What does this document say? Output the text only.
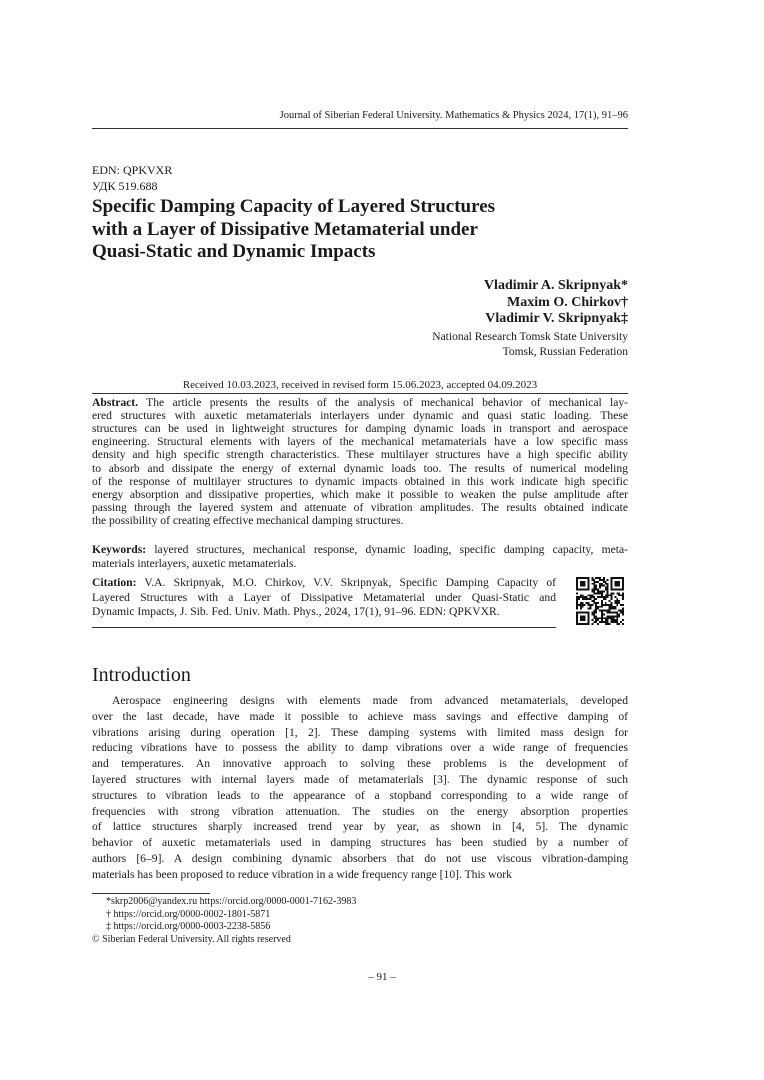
Journal of Siberian Federal University. Mathematics & Physics 2024, 17(1), 91–96
EDN: QPKVXR
УДК 519.688
Specific Damping Capacity of Layered Structures
with a Layer of Dissipative Metamaterial under
Quasi-Static and Dynamic Impacts
Vladimir A. Skripnyak*
Maxim O. Chirkov†
Vladimir V. Skripnyak‡
National Research Tomsk State University
Tomsk, Russian Federation
Received 10.03.2023, received in revised form 15.06.2023, accepted 04.09.2023
Abstract. The article presents the results of the analysis of mechanical behavior of mechanical lay-
ered structures with auxetic metamaterials interlayers under dynamic and quasi static loading. These
structures can be used in lightweight structures for damping dynamic loads in transport and aerospace
engineering. Structural elements with layers of the mechanical metamaterials have a low specific mass
density and high specific strength characteristics. These multilayer structures have a high specific ability
to absorb and dissipate the energy of external dynamic loads too. The results of numerical modeling
of the response of multilayer structures to dynamic impacts obtained in this work indicate high specific
energy absorption and dissipative properties, which make it possible to weaken the pulse amplitude after
passing through the layered system and attenuate of vibration amplitudes. The results obtained indicate
the possibility of creating effective mechanical damping structures.
Keywords: layered structures, mechanical response, dynamic loading, specific damping capacity, meta-
materials interlayers, auxetic metamaterials.
Citation: V.A. Skripnyak, M.O. Chirkov, V.V. Skripnyak, Specific Damping Capacity of
Layered Structures with a Layer of Dissipative Metamaterial under Quasi-Static and
Dynamic Impacts, J. Sib. Fed. Univ. Math. Phys., 2024, 17(1), 91–96. EDN: QPKVXR.
Introduction
Aerospace engineering designs with elements made from advanced metamaterials, developed
over the last decade, have made it possible to achieve mass savings and effective damping of
vibrations arising during operation [1, 2]. These damping systems with limited mass design for
reducing vibrations have to possess the ability to damp vibrations over a wide range of frequencies
and temperatures. An innovative approach to solving these problems is the development of
layered structures with internal layers made of metamaterials [3]. The dynamic response of such
structures to vibration leads to the appearance of a stopband corresponding to a wide range of
frequencies with strong vibration attenuation. The studies on the energy absorption properties
of lattice structures sharply increased trend year by year, as shown in [4, 5]. The dynamic
behavior of auxetic metamaterials used in damping structures has been studied by a number of
authors [6–9]. A design combining dynamic absorbers that do not use viscous vibration-damping
materials has been proposed to reduce vibration in a wide frequency range [10]. This work
*skrp2006@yandex.ru https://orcid.org/0000-0001-7162-3983
† https://orcid.org/0000-0002-1801-5871
‡ https://orcid.org/0000-0003-2238-5856
© Siberian Federal University. All rights reserved
– 91 –
